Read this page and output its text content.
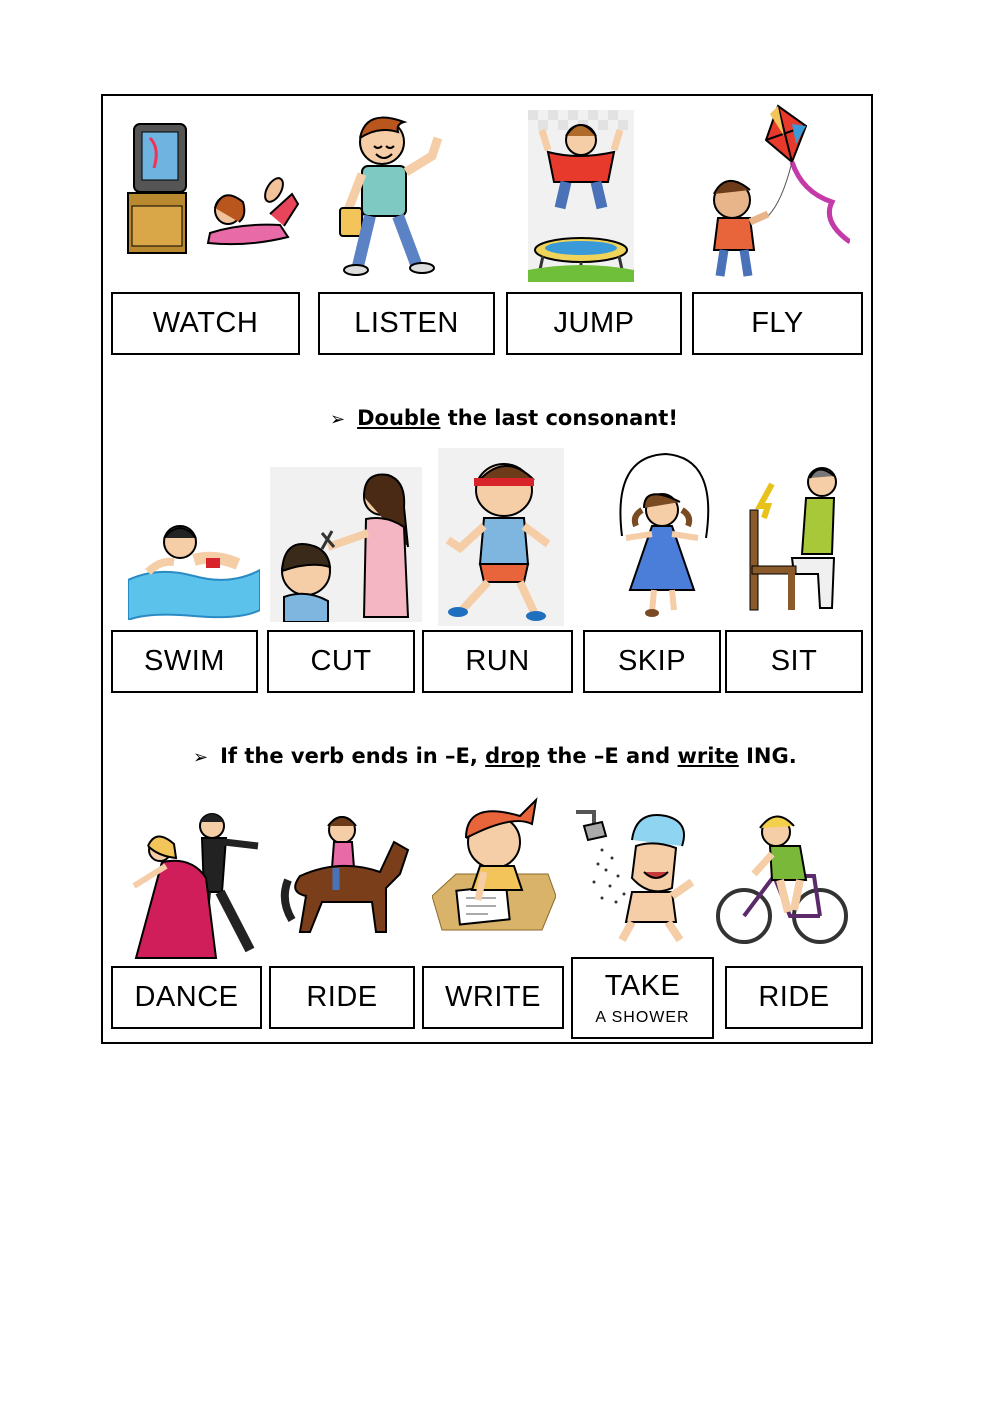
WATCH	LISTEN	JUMP	FLY
➢ Double the last consonant!
SWIM	CUT	RUN	SKIP	SIT
➢ If the verb ends in –E, drop the –E and write ING.
DANCE RIDE WRITE TAKE
A SHOWER
RIDE
